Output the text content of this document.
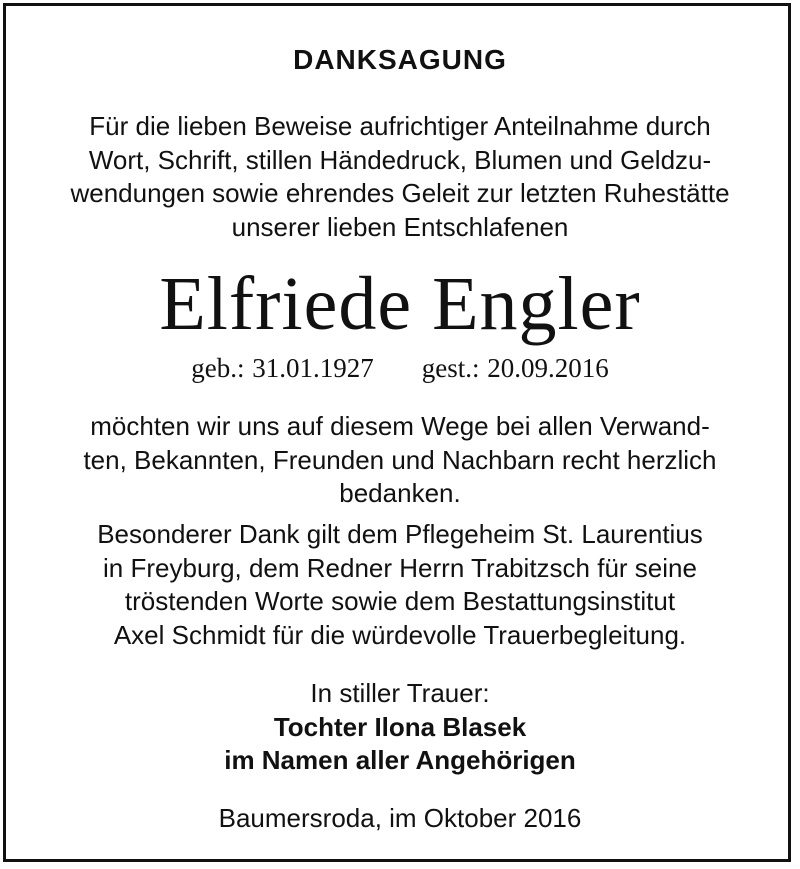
DANKSAGUNG
Für die lieben Beweise aufrichtiger Anteilnahme durch
Wort, Schrift, stillen Händedruck, Blumen und Geldzu-
wendungen sowie ehrendes Geleit zur letzten Ruhestätte
unserer lieben Entschlafenen
Elfriede Engler
geb.: 31.01.1927 gest.: 20.09.2016
möchten wir uns auf diesem Wege bei allen Verwand-
ten, Bekannten, Freunden und Nachbarn recht herzlich
bedanken.
Besonderer Dank gilt dem Pflegeheim St. Laurentius
in Freyburg, dem Redner Herrn Trabitzsch für seine
tröstenden Worte sowie dem Bestattungsinstitut
Axel Schmidt für die würdevolle Trauerbegleitung.
In stiller Trauer:
Tochter Ilona Blasek
im Namen aller Angehörigen
Baumersroda, im Oktober 2016
